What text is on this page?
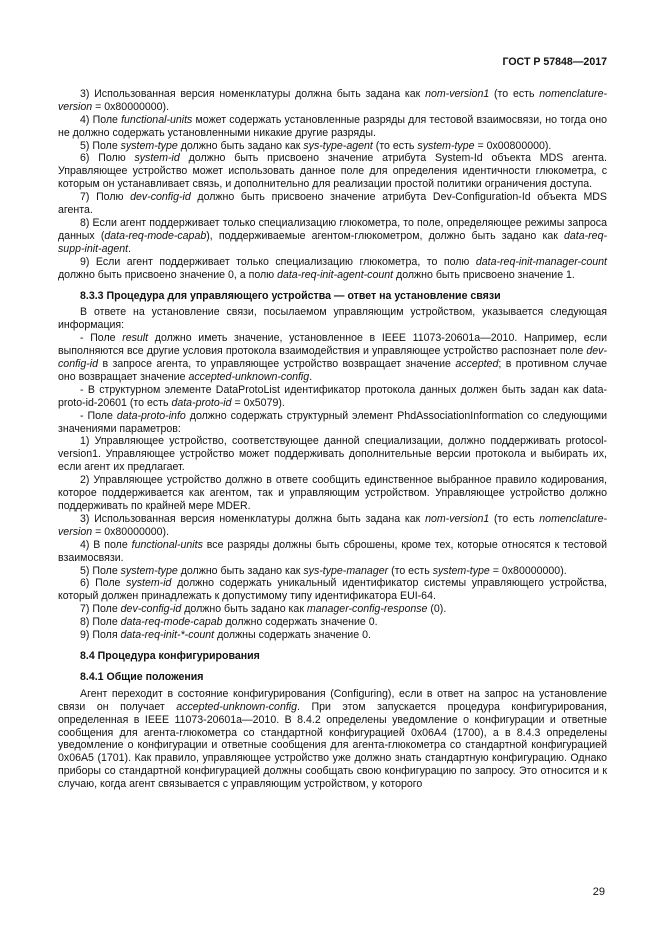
ГОСТ Р 57848—2017

3) Использованная версия номенклатуры должна быть задана как nom-version1 (то есть nomenclature-version = 0x80000000).

4) Поле functional-units может содержать установленные разряды для тестовой взаимосвязи, но тогда оно не должно содержать установленными никакие другие разряды.

5) Поле system-type должно быть задано как sys-type-agent (то есть system-type = 0x00800000).

6) Полю system-id должно быть присвоено значение атрибута System-Id объекта MDS агента. Управляющее устройство может использовать данное поле для определения идентичности глюкометра, с которым он устанавливает связь, и дополнительно для реализации простой политики ограничения доступа.

7) Полю dev-config-id должно быть присвоено значение атрибута Dev-Configuration-Id объекта MDS агента.

8) Если агент поддерживает только специализацию глюкометра, то поле, определяющее режимы запроса данных (data-req-mode-capab), поддерживаемые агентом-глюкометром, должно быть задано как data-req-supp-init-agent.

9) Если агент поддерживает только специализацию глюкометра, то полю data-req-init-manager-count должно быть присвоено значение 0, а полю data-req-init-agent-count должно быть присвоено значение 1.

8.3.3 Процедура для управляющего устройства — ответ на установление связи

В ответе на установление связи, посылаемом управляющим устройством, указывается следующая информация:

- Поле result должно иметь значение, установленное в IEEE 11073-20601a—2010. Например, если выполняются все другие условия протокола взаимодействия и управляющее устройство распознает поле dev-config-id в запросе агента, то управляющее устройство возвращает значение accepted; в противном случае оно возвращает значение accepted-unknown-config.

- В структурном элементе DataProtoList идентификатор протокола данных должен быть задан как data-proto-id-20601 (то есть data-proto-id = 0x5079).

- Поле data-proto-info должно содержать структурный элемент PhdAssociationInformation со следующими значениями параметров:

1) Управляющее устройство, соответствующее данной специализации, должно поддерживать protocol-version1. Управляющее устройство может поддерживать дополнительные версии протокола и выбирать их, если агент их предлагает.

2) Управляющее устройство должно в ответе сообщить единственное выбранное правило кодирования, которое поддерживается как агентом, так и управляющим устройством. Управляющее устройство должно поддерживать по крайней мере MDER.

3) Использованная версия номенклатуры должна быть задана как nom-version1 (то есть nomenclature-version = 0x80000000).

4) В поле functional-units все разряды должны быть сброшены, кроме тех, которые относятся к тестовой взаимосвязи.

5) Поле system-type должно быть задано как sys-type-manager (то есть system-type = 0x80000000).

6) Поле system-id должно содержать уникальный идентификатор системы управляющего устройства, который должен принадлежать к допустимому типу идентификатора EUI-64.

7) Поле dev-config-id должно быть задано как manager-config-response (0).

8) Поле data-req-mode-capab должно содержать значение 0.

9) Поля data-req-init-*-count должны содержать значение 0.

8.4 Процедура конфигурирования

8.4.1 Общие положения

Агент переходит в состояние конфигурирования (Configuring), если в ответ на запрос на установление связи он получает accepted-unknown-config. При этом запускается процедура конфигурирования, определенная в IEEE 11073-20601a—2010. В 8.4.2 определены уведомление о конфигурации и ответные сообщения для агента-глюкометра со стандартной конфигурацией 0x06A4 (1700), а в 8.4.3 определены уведомление о конфигурации и ответные сообщения для агента-глюкометра со стандартной конфигурацией 0x06A5 (1701). Как правило, управляющее устройство уже должно знать стандартную конфигурацию. Однако приборы со стандартной конфигурацией должны сообщать свою конфигурацию по запросу. Это относится и к случаю, когда агент связывается с управляющим устройством, у которого

29
